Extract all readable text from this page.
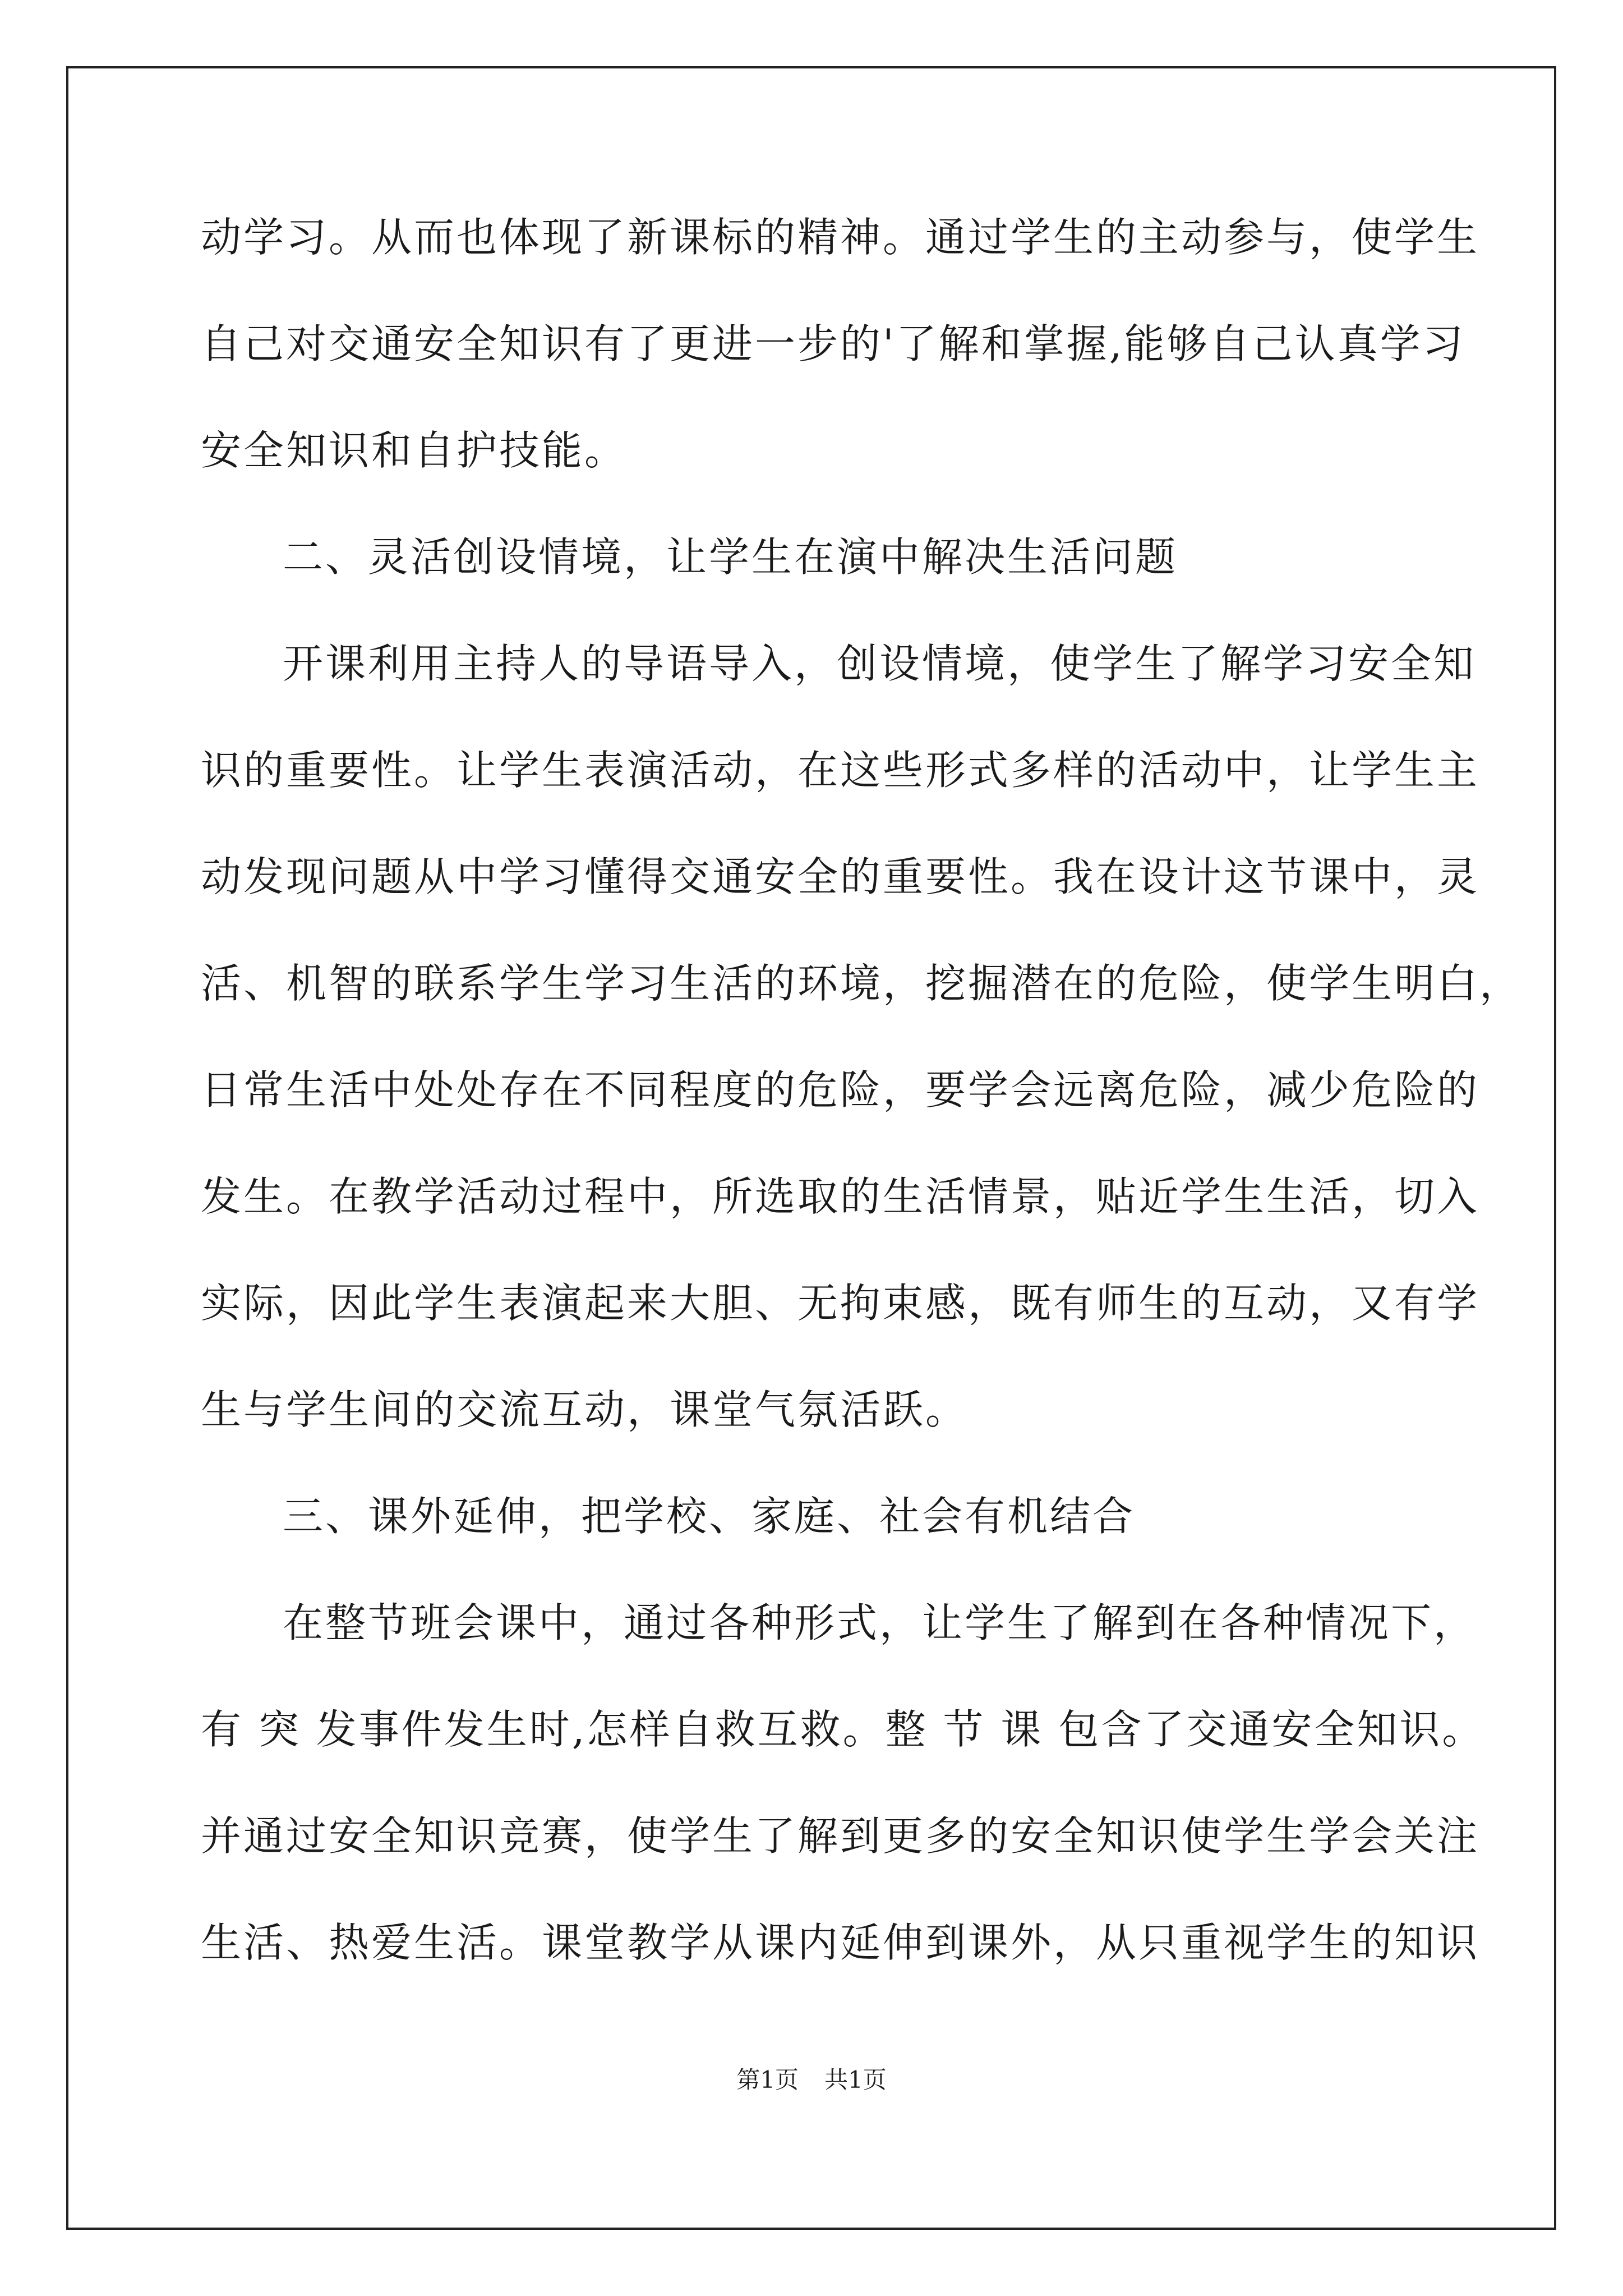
动学习。从而也体现了新课标的精神。通过学生的主动参与，使学生
自己对交通安全知识有了更进一步的'了解和掌握,能够自己认真学习
安全知识和自护技能。
二、灵活创设情境，让学生在演中解决生活问题
开课利用主持人的导语导入，创设情境，使学生了解学习安全知
识的重要性。让学生表演活动，在这些形式多样的活动中，让学生主
动发现问题从中学习懂得交通安全的重要性。我在设计这节课中，灵
活、机智的联系学生学习生活的环境，挖掘潜在的危险，使学生明白，
日常生活中处处存在不同程度的危险，要学会远离危险，减少危险的
发生。在教学活动过程中，所选取的生活情景，贴近学生生活，切入
实际，因此学生表演起来大胆、无拘束感，既有师生的互动，又有学
生与学生间的交流互动，课堂气氛活跃。
三、课外延伸，把学校、家庭、社会有机结合
在整节班会课中，通过各种形式，让学生了解到在各种情况下，
有 突 发事件发生时,怎样自救互救。整 节 课 包含了交通安全知识。
并通过安全知识竞赛，使学生了解到更多的安全知识使学生学会关注
生活、热爱生活。课堂教学从课内延伸到课外，从只重视学生的知识
第1页 共1页
